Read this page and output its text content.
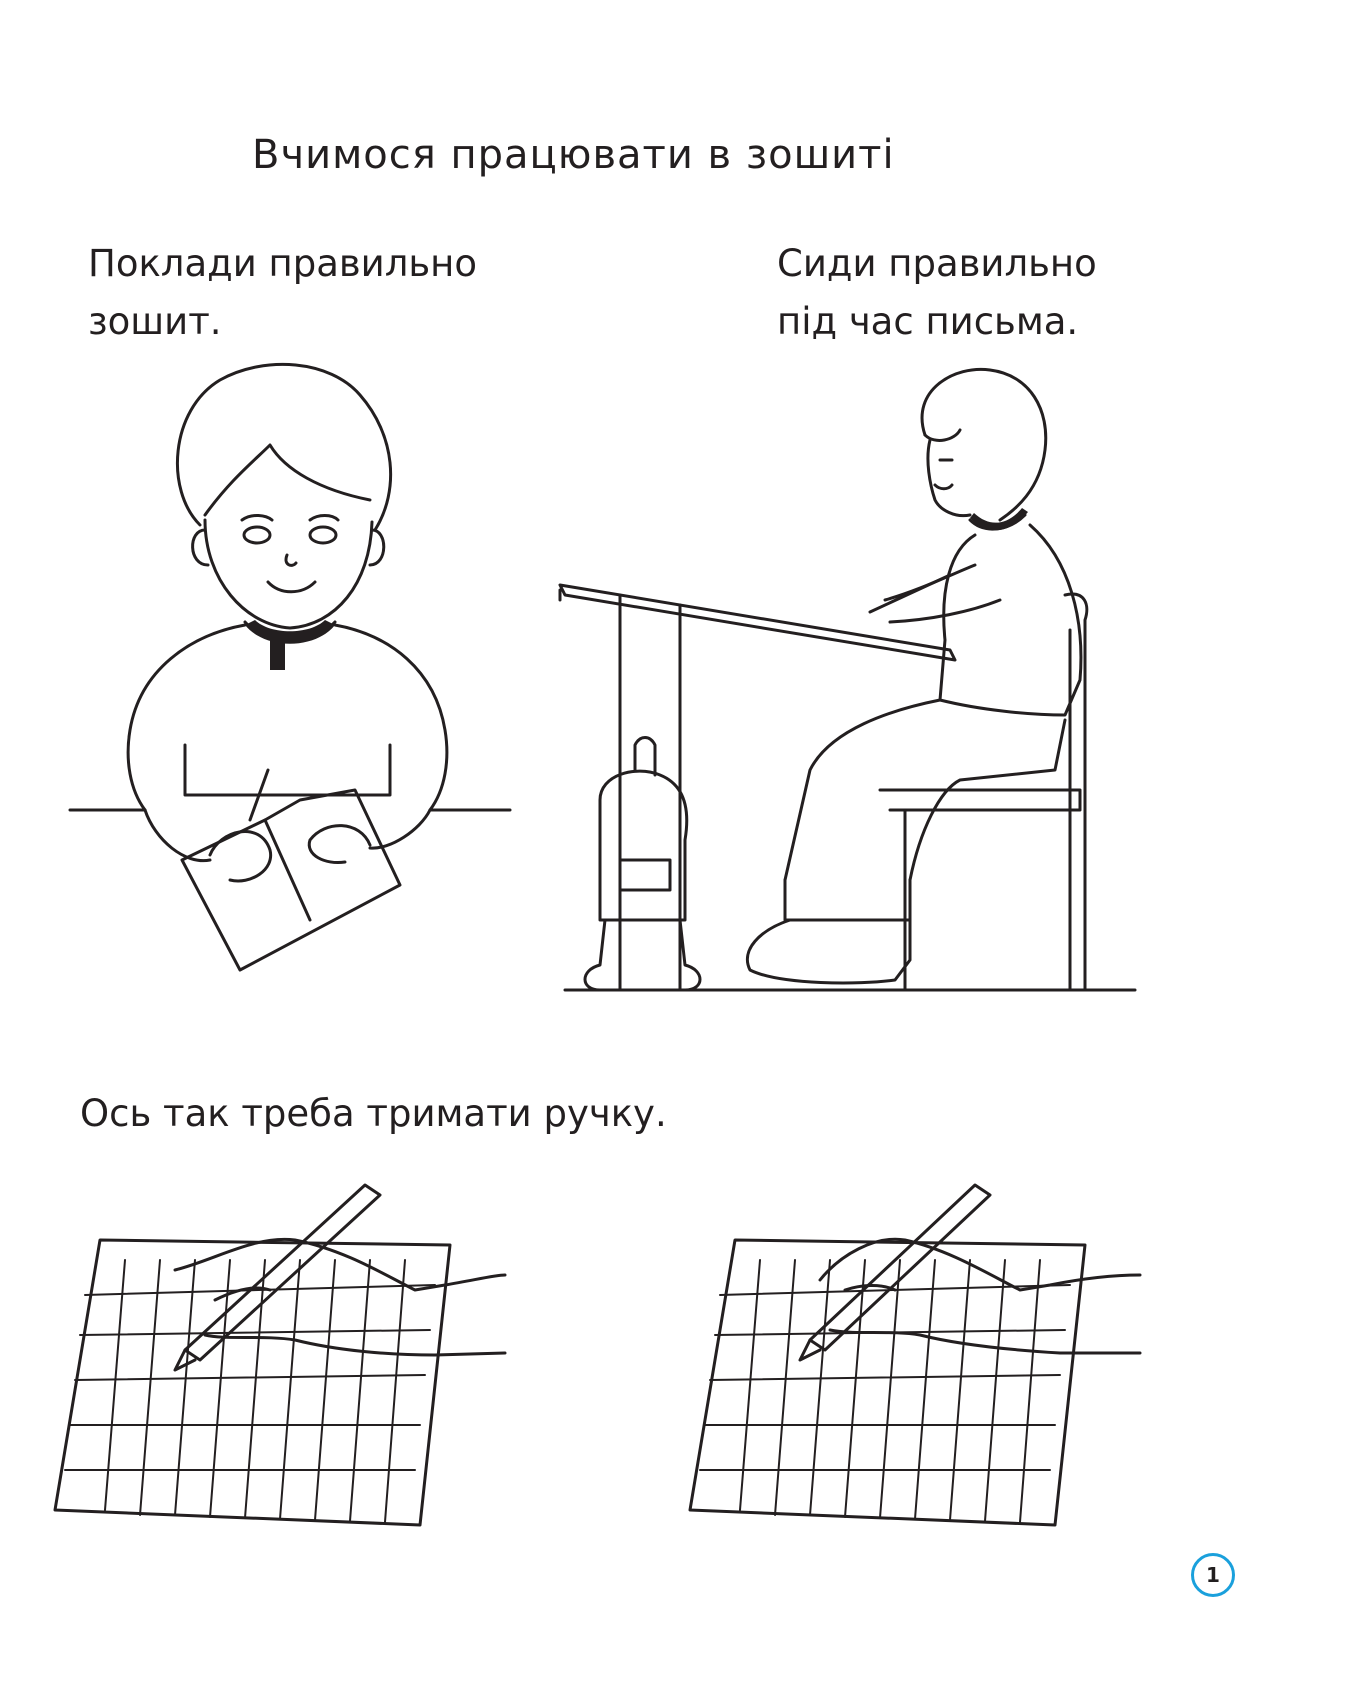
Вчимося працювати в зошиті
Поклади правильно
зошит.
Сиди правильно
під час письма.
Ось так треба тримати ручку.
1
